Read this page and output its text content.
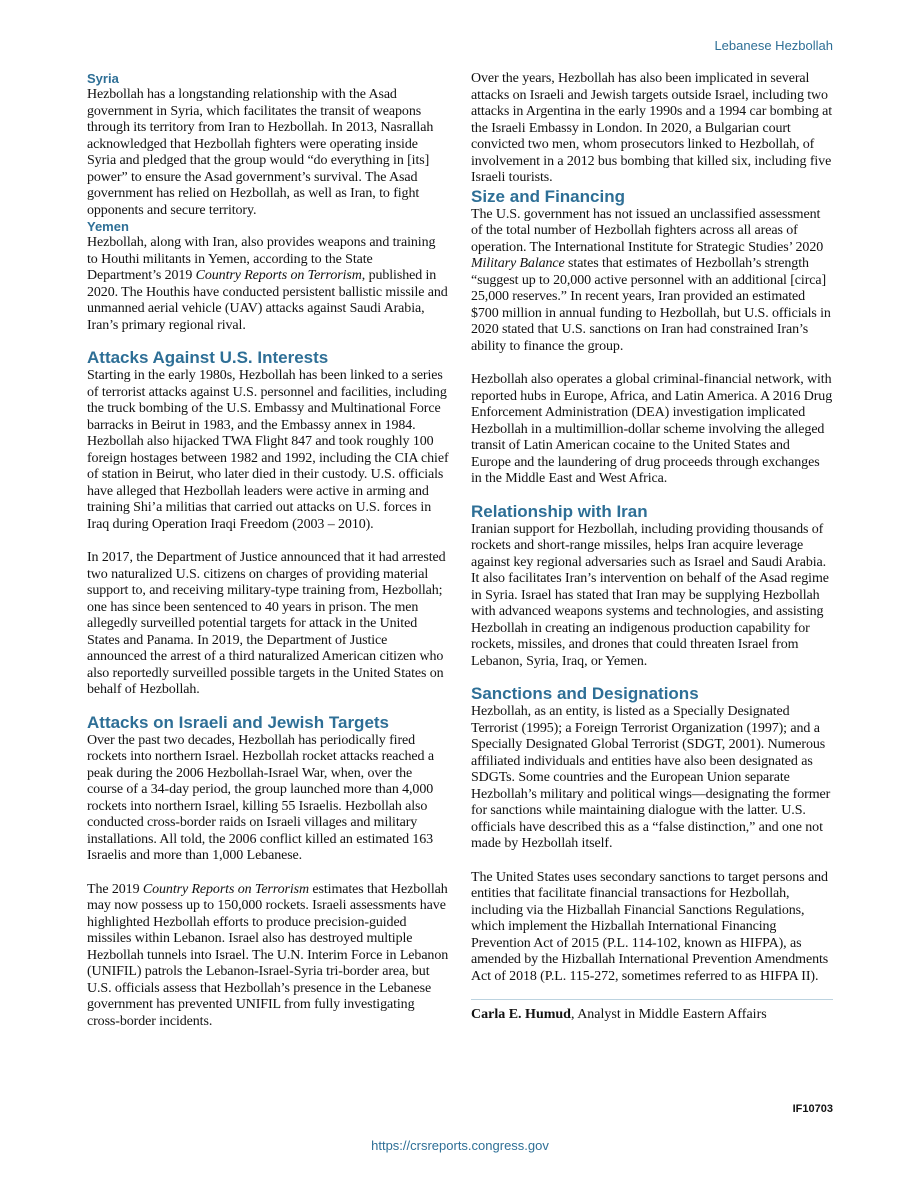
Lebanese Hezbollah
Syria

Hezbollah has a longstanding relationship with the Asad government in Syria, which facilitates the transit of weapons through its territory from Iran to Hezbollah. In 2013, Nasrallah acknowledged that Hezbollah fighters were operating inside Syria and pledged that the group would “do everything in [its] power” to ensure the Asad government’s survival. The Asad government has relied on Hezbollah, as well as Iran, to fight opponents and secure territory.

Yemen

Hezbollah, along with Iran, also provides weapons and training to Houthi militants in Yemen, according to the State Department’s 2019 Country Reports on Terrorism, published in 2020. The Houthis have conducted persistent ballistic missile and unmanned aerial vehicle (UAV) attacks against Saudi Arabia, Iran’s primary regional rival.

Attacks Against U.S. Interests

Starting in the early 1980s, Hezbollah has been linked to a series of terrorist attacks against U.S. personnel and facilities, including the truck bombing of the U.S. Embassy and Multinational Force barracks in Beirut in 1983, and the Embassy annex in 1984. Hezbollah also hijacked TWA Flight 847 and took roughly 100 foreign hostages between 1982 and 1992, including the CIA chief of station in Beirut, who later died in their custody. U.S. officials have alleged that Hezbollah leaders were active in arming and training Shi’a militias that carried out attacks on U.S. forces in Iraq during Operation Iraqi Freedom (2003 – 2010).

In 2017, the Department of Justice announced that it had arrested two naturalized U.S. citizens on charges of providing material support to, and receiving military-type training from, Hezbollah; one has since been sentenced to 40 years in prison. The men allegedly surveilled potential targets for attack in the United States and Panama. In 2019, the Department of Justice announced the arrest of a third naturalized American citizen who also reportedly surveilled possible targets in the United States on behalf of Hezbollah.

Attacks on Israeli and Jewish Targets

Over the past two decades, Hezbollah has periodically fired rockets into northern Israel. Hezbollah rocket attacks reached a peak during the 2006 Hezbollah-Israel War, when, over the course of a 34-day period, the group launched more than 4,000 rockets into northern Israel, killing 55 Israelis. Hezbollah also conducted cross-border raids on Israeli villages and military installations. All told, the 2006 conflict killed an estimated 163 Israelis and more than 1,000 Lebanese.

The 2019 Country Reports on Terrorism estimates that Hezbollah may now possess up to 150,000 rockets. Israeli assessments have highlighted Hezbollah efforts to produce precision-guided missiles within Lebanon. Israel also has destroyed multiple Hezbollah tunnels into Israel. The U.N. Interim Force in Lebanon (UNIFIL) patrols the Lebanon-Israel-Syria tri-border area, but U.S. officials assess that Hezbollah’s presence in the Lebanese government has prevented UNIFIL from fully investigating cross-border incidents.

Over the years, Hezbollah has also been implicated in several attacks on Israeli and Jewish targets outside Israel, including two attacks in Argentina in the early 1990s and a 1994 car bombing at the Israeli Embassy in London. In 2020, a Bulgarian court convicted two men, whom prosecutors linked to Hezbollah, of involvement in a 2012 bus bombing that killed six, including five Israeli tourists.

Size and Financing

The U.S. government has not issued an unclassified assessment of the total number of Hezbollah fighters across all areas of operation. The International Institute for Strategic Studies’ 2020 Military Balance states that estimates of Hezbollah’s strength “suggest up to 20,000 active personnel with an additional [circa] 25,000 reserves.” In recent years, Iran provided an estimated $700 million in annual funding to Hezbollah, but U.S. officials in 2020 stated that U.S. sanctions on Iran had constrained Iran’s ability to finance the group.

Hezbollah also operates a global criminal-financial network, with reported hubs in Europe, Africa, and Latin America. A 2016 Drug Enforcement Administration (DEA) investigation implicated Hezbollah in a multimillion-dollar scheme involving the alleged transit of Latin American cocaine to the United States and Europe and the laundering of drug proceeds through exchanges in the Middle East and West Africa.

Relationship with Iran

Iranian support for Hezbollah, including providing thousands of rockets and short-range missiles, helps Iran acquire leverage against key regional adversaries such as Israel and Saudi Arabia. It also facilitates Iran’s intervention on behalf of the Asad regime in Syria. Israel has stated that Iran may be supplying Hezbollah with advanced weapons systems and technologies, and assisting Hezbollah in creating an indigenous production capability for rockets, missiles, and drones that could threaten Israel from Lebanon, Syria, Iraq, or Yemen.

Sanctions and Designations

Hezbollah, as an entity, is listed as a Specially Designated Terrorist (1995); a Foreign Terrorist Organization (1997); and a Specially Designated Global Terrorist (SDGT, 2001). Numerous affiliated individuals and entities have also been designated as SDGTs. Some countries and the European Union separate Hezbollah’s military and political wings—designating the former for sanctions while maintaining dialogue with the latter. U.S. officials have described this as a “false distinction,” and one not made by Hezbollah itself.

The United States uses secondary sanctions to target persons and entities that facilitate financial transactions for Hezbollah, including via the Hizballah Financial Sanctions Regulations, which implement the Hizballah International Financing Prevention Act of 2015 (P.L. 114-102, known as HIFPA), as amended by the Hizballah International Prevention Amendments Act of 2018 (P.L. 115-272, sometimes referred to as HIFPA II).

Carla E. Humud, Analyst in Middle Eastern Affairs
IF10703
https://crsreports.congress.gov
